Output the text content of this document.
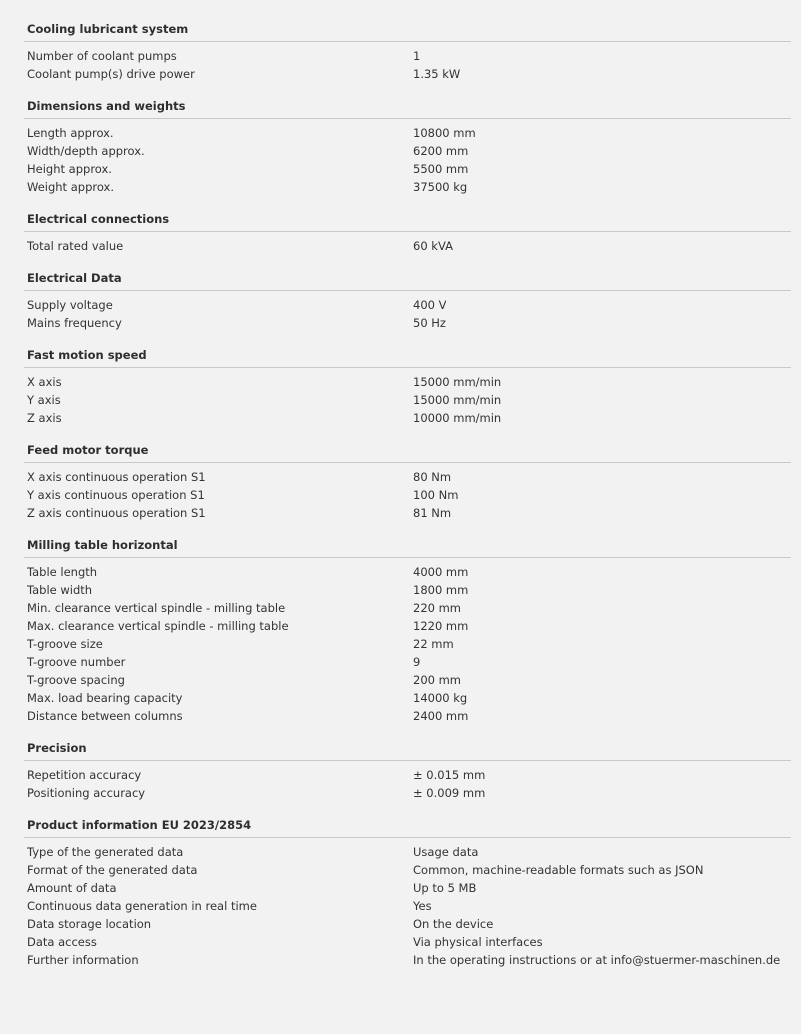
Cooling lubricant system
Number of coolant pumps	1
Coolant pump(s) drive power	1.35 kW
Dimensions and weights
Length approx.	10800 mm
Width/depth approx.	6200 mm
Height approx.	5500 mm
Weight approx.	37500 kg
Electrical connections
Total rated value	60 kVA
Electrical Data
Supply voltage	400 V
Mains frequency	50 Hz
Fast motion speed
X axis	15000 mm/min
Y axis	15000 mm/min
Z axis	10000 mm/min
Feed motor torque
X axis continuous operation S1	80 Nm
Y axis continuous operation S1	100 Nm
Z axis continuous operation S1	81 Nm
Milling table horizontal
Table length	4000 mm
Table width	1800 mm
Min. clearance vertical spindle - milling table	220 mm
Max. clearance vertical spindle - milling table	1220 mm
T-groove size	22 mm
T-groove number	9
T-groove spacing	200 mm
Max. load bearing capacity	14000 kg
Distance between columns	2400 mm
Precision
Repetition accuracy	± 0.015 mm
Positioning accuracy	± 0.009 mm
Product information EU 2023/2854
Type of the generated data	Usage data
Format of the generated data	Common, machine-readable formats such as JSON
Amount of data	Up to 5 MB
Continuous data generation in real time	Yes
Data storage location	On the device
Data access	Via physical interfaces
Further information	In the operating instructions or at info@stuermer-maschinen.de
